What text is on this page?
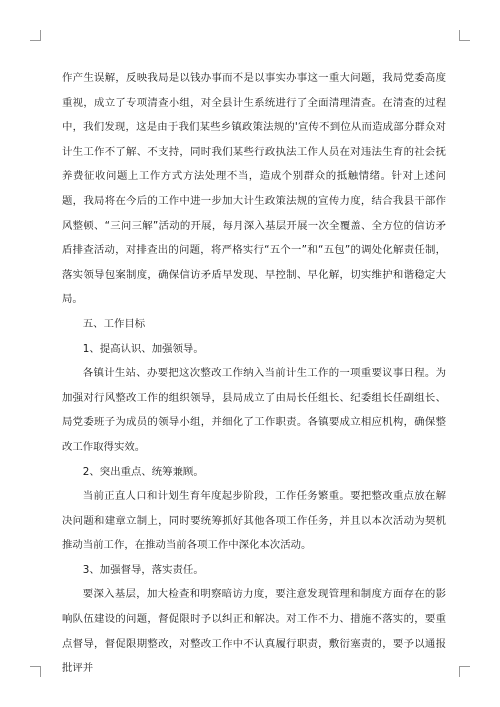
作产生误解，反映我局是以钱办事而不是以事实办事这一重大问题，我局党委高度重视，成立了专项清查小组，对全县计生系统进行了全面清理清查。在清查的过程中，我们发现，这是由于我们某些乡镇政策法规的'宣传不到位从而造成部分群众对计生工作不了解、不支持，同时我们某些行政执法工作人员在对违法生育的社会抚养费征收问题上工作方式方法处理不当，造成个别群众的抵触情绪。针对上述问题，我局将在今后的工作中进一步加大计生政策法规的宣传力度，结合我县干部作风整顿、“三问三解”活动的开展，每月深入基层开展一次全覆盖、全方位的信访矛盾排查活动，对排查出的问题，将严格实行“五个一”和“五包”的调处化解责任制，落实领导包案制度，确保信访矛盾早发现、早控制、早化解，切实维护和谐稳定大局。

五、工作目标

1、提高认识、加强领导。

各镇计生站、办要把这次整改工作纳入当前计生工作的一项重要议事日程。为加强对行风整改工作的组织领导，县局成立了由局长任组长、纪委组长任副组长、局党委班子为成员的领导小组，并细化了工作职责。各镇要成立相应机构，确保整改工作取得实效。

2、突出重点、统筹兼顾。

当前正直人口和计划生育年度起步阶段，工作任务繁重。要把整改重点放在解决问题和建章立制上，同时要统筹抓好其他各项工作任务，并且以本次活动为契机推动当前工作，在推动当前各项工作中深化本次活动。

3、加强督导，落实责任。

要深入基层，加大检查和明察暗访力度，要注意发现管理和制度方面存在的影响队伍建设的问题，督促限时予以纠正和解决。对工作不力、措施不落实的，要重点督导，督促限期整改，对整改工作中不认真履行职责，敷衍塞责的，要予以通报批评并
